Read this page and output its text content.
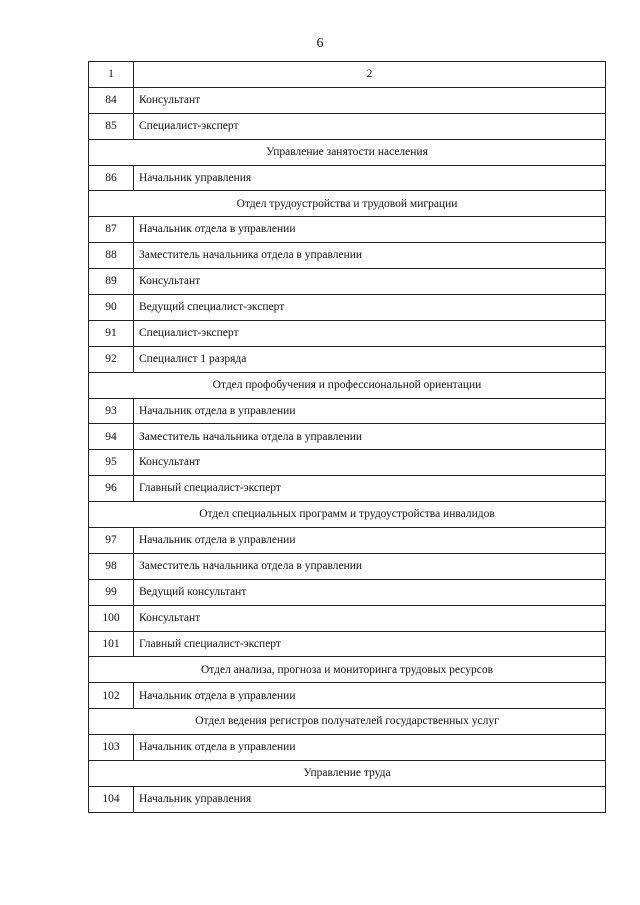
6
1	2
84	Консультант
85	Специалист-эксперт
Управление занятости населения	
86	Начальник управления
Отдел трудоустройства и трудовой миграции	
87	Начальник отдела в управлении
88	Заместитель начальника отдела в управлении
89	Консультант
90	Ведущий специалист-эксперт
91	Специалист-эксперт
92	Специалист 1 разряда
Отдел профобучения и профессиональной ориентации	
93	Начальник отдела в управлении
94	Заместитель начальника отдела в управлении
95	Консультант
96	Главный специалист-эксперт
Отдел специальных программ и трудоустройства инвалидов	
97	Начальник отдела в управлении
98	Заместитель начальника отдела в управлении
99	Ведущий консультант
100	Консультант
101	Главный специалист-эксперт
Отдел анализа, прогноза и мониторинга трудовых ресурсов	
102	Начальник отдела в управлении
Отдел ведения регистров получателей государственных услуг	
103	Начальник отдела в управлении
Управление труда	
104	Начальник управления
